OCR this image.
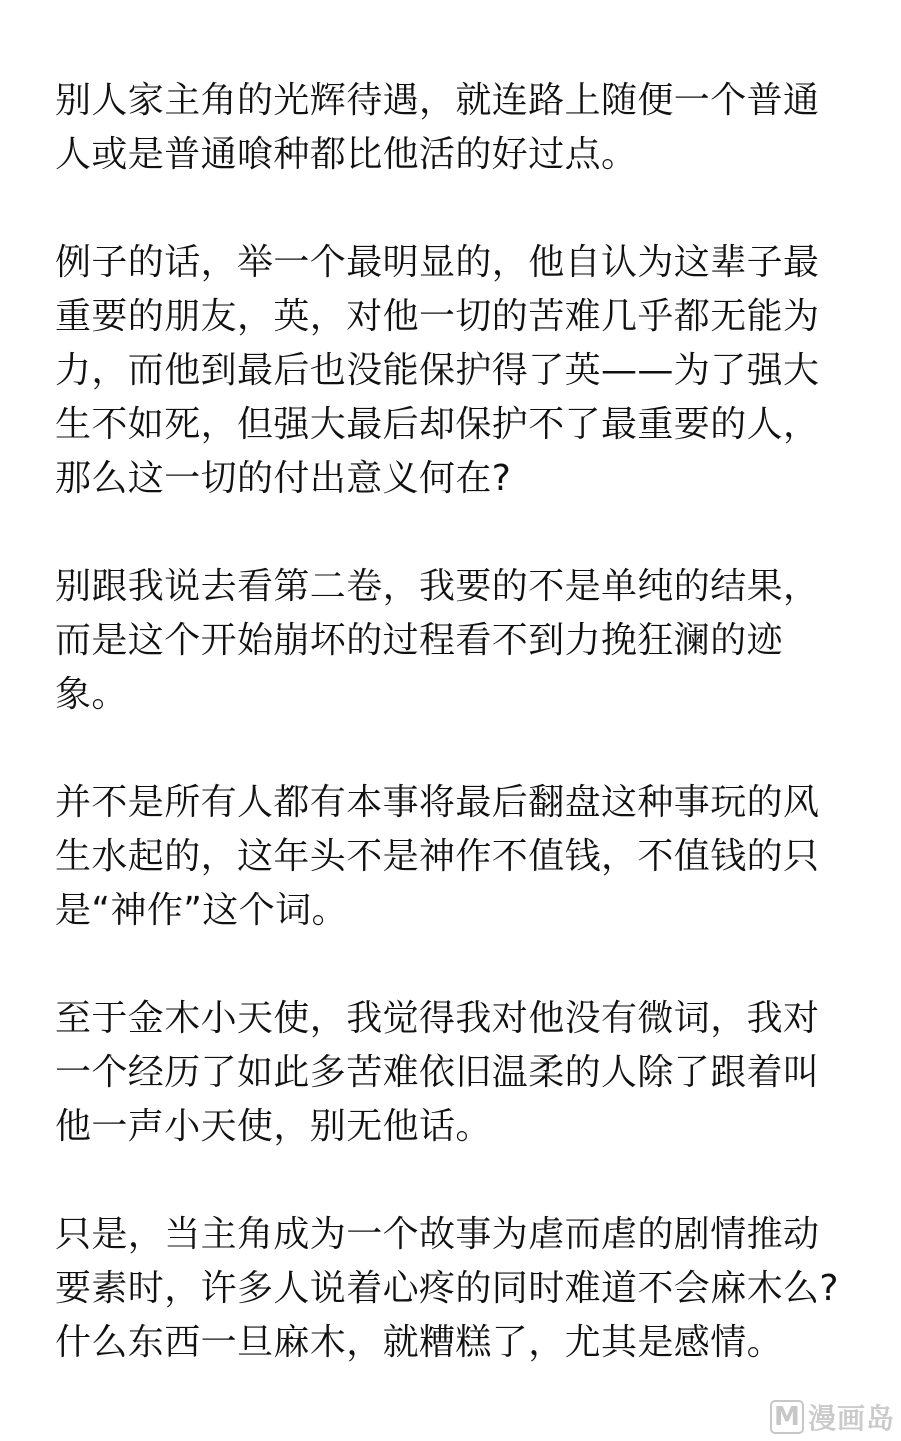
别人家主角的光辉待遇，就连路上随便一个普通
人或是普通喰种都比他活的好过点。

例子的话，举一个最明显的，他自认为这辈子最
重要的朋友，英，对他一切的苦难几乎都无能为
力，而他到最后也没能保护得了英——为了强大
生不如死，但强大最后却保护不了最重要的人，
那么这一切的付出意义何在?

别跟我说去看第二卷，我要的不是单纯的结果，
而是这个开始崩坏的过程看不到力挽狂澜的迹
象。

并不是所有人都有本事将最后翻盘这种事玩的风
生水起的，这年头不是神作不值钱，不值钱的只
是“神作”这个词。

至于金木小天使，我觉得我对他没有微词，我对
一个经历了如此多苦难依旧温柔的人除了跟着叫
他一声小天使，别无他话。

只是，当主角成为一个故事为虐而虐的剧情推动
要素时，许多人说着心疼的同时难道不会麻木么?
什么东西一旦麻木，就糟糕了，尤其是感情。

M 漫画岛
